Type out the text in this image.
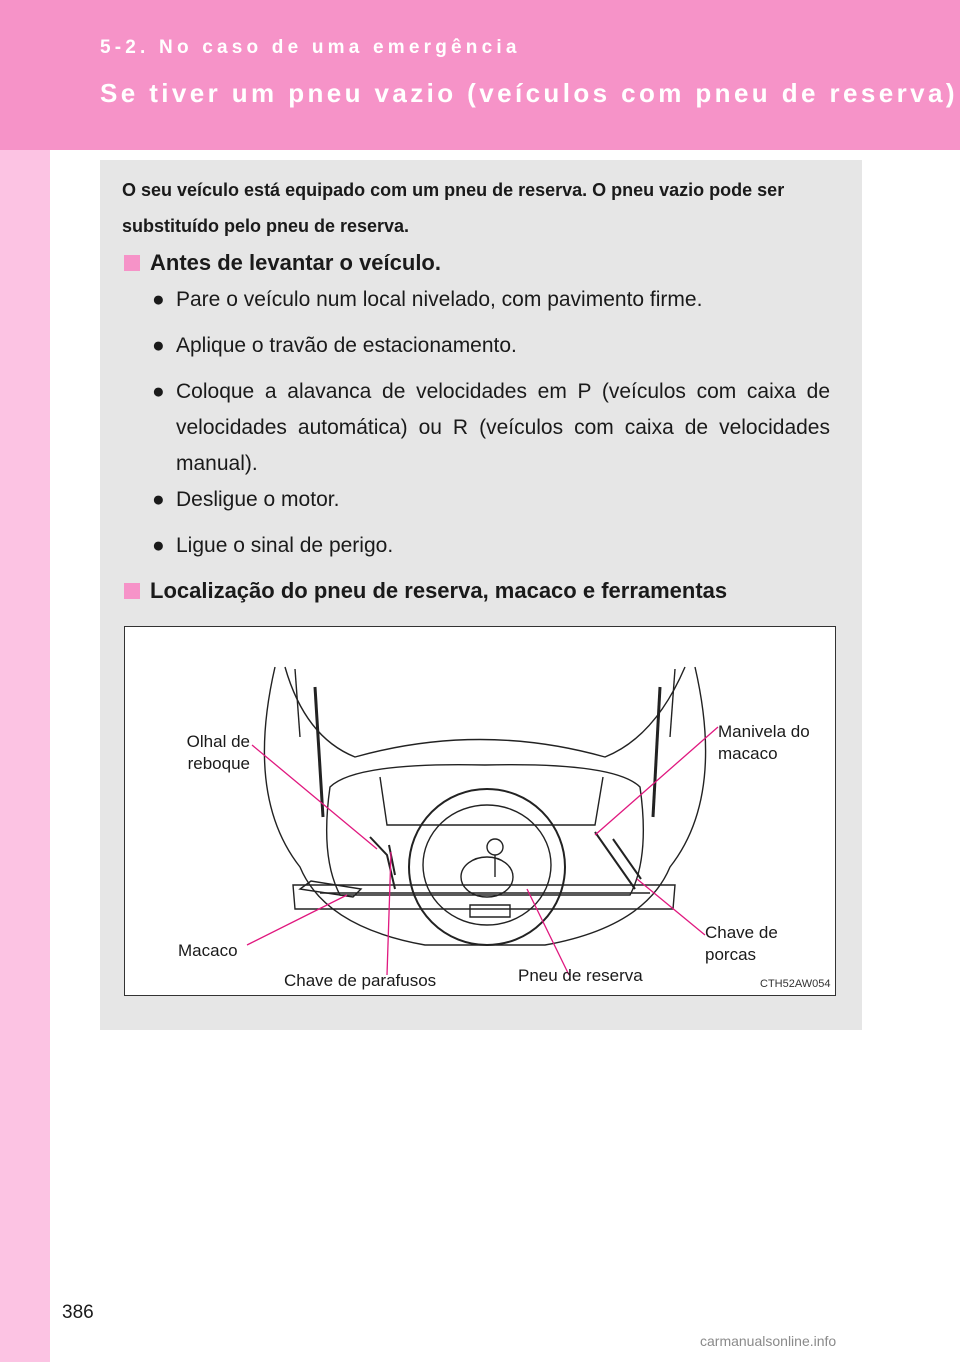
5-2. No caso de uma emergência
Se tiver um pneu vazio (veículos com pneu de reserva)
O seu veículo está equipado com um pneu de reserva. O pneu vazio pode ser substituído pelo pneu de reserva.
Antes de levantar o veículo.
● Pare o veículo num local nivelado, com pavimento firme.
● Aplique o travão de estacionamento.
● Coloque a alavanca de velocidades em P (veículos com caixa de velocidades automática) ou R (veículos com caixa de velocidades manual).
● Desligue o motor.
● Ligue o sinal de perigo.
Localização do pneu de reserva, macaco e ferramentas
Olhal de reboque
Manivela do macaco
Chave de porcas
Macaco
Chave de parafusos	Pneu de reserva	CTH52AW054
386
carmanualsonline.info
